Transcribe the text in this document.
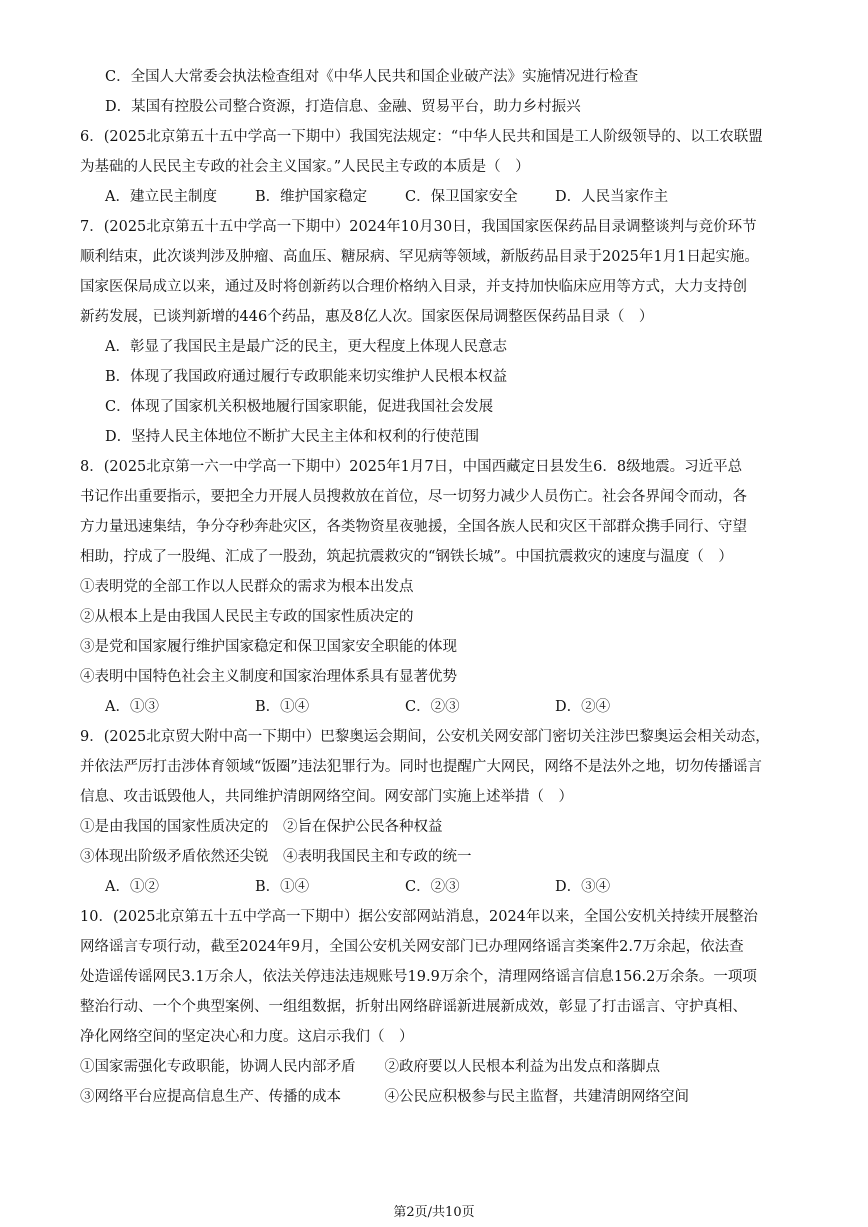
C．全国人大常委会执法检查组对《中华人民共和国企业破产法》实施情况进行检查
D．某国有控股公司整合资源，打造信息、金融、贸易平台，助力乡村振兴
6．(2025北京第五十五中学高一下期中）我国宪法规定：“中华人民共和国是工人阶级领导的、以工农联盟
为基础的人民民主专政的社会主义国家。”人民民主专政的本质是（　）
A．建立民主制度	B．维护国家稳定	C．保卫国家安全	D．人民当家作主
7．(2025北京第五十五中学高一下期中）2024年10月30日，我国国家医保药品目录调整谈判与竞价环节
顺利结束，此次谈判涉及肿瘤、高血压、糖尿病、罕见病等领域，新版药品目录于2025年1月1日起实施。
国家医保局成立以来，通过及时将创新药以合理价格纳入目录，并支持加快临床应用等方式，大力支持创
新药发展，已谈判新增的446个药品，惠及8亿人次。国家医保局调整医保药品目录（　）
A．彰显了我国民主是最广泛的民主，更大程度上体现人民意志
B．体现了我国政府通过履行专政职能来切实维护人民根本权益
C．体现了国家机关积极地履行国家职能，促进我国社会发展
D．坚持人民主体地位不断扩大民主主体和权利的行使范围
8．(2025北京第一六一中学高一下期中）2025年1月7日，中国西藏定日县发生6．8级地震。习近平总
书记作出重要指示，要把全力开展人员搜救放在首位，尽一切努力减少人员伤亡。社会各界闻令而动，各
方力量迅速集结，争分夺秒奔赴灾区，各类物资星夜驰援，全国各族人民和灾区干部群众携手同行、守望
相助，拧成了一股绳、汇成了一股劲，筑起抗震救灾的“钢铁长城”。中国抗震救灾的速度与温度（　）
①表明党的全部工作以人民群众的需求为根本出发点
②从根本上是由我国人民民主专政的国家性质决定的
③是党和国家履行维护国家稳定和保卫国家安全职能的体现
④表明中国特色社会主义制度和国家治理体系具有显著优势
A．①③	B．①④	C．②③	D．②④
9．(2025北京贸大附中高一下期中）巴黎奥运会期间，公安机关网安部门密切关注涉巴黎奥运会相关动态，
并依法严厉打击涉体育领域“饭圈”违法犯罪行为。同时也提醒广大网民，网络不是法外之地，切勿传播谣言
信息、攻击诋毁他人，共同维护清朗网络空间。网安部门实施上述举措（　）
①是由我国的国家性质决定的　②旨在保护公民各种权益
③体现出阶级矛盾依然还尖锐　④表明我国民主和专政的统一
A．①②	B．①④	C．②③	D．③④
10．(2025北京第五十五中学高一下期中）据公安部网站消息，2024年以来，全国公安机关持续开展整治
网络谣言专项行动，截至2024年9月，全国公安机关网安部门已办理网络谣言类案件2.7万余起，依法查
处造谣传谣网民3.1万余人，依法关停违法违规账号19.9万余个，清理网络谣言信息156.2万余条。一项项
整治行动、一个个典型案例、一组组数据，折射出网络辟谣新进展新成效，彰显了打击谣言、守护真相、
净化网络空间的坚定决心和力度。这启示我们（　）
①国家需强化专政职能，协调人民内部矛盾　　②政府要以人民根本利益为出发点和落脚点
③网络平台应提高信息生产、传播的成本　　　④公民应积极参与民主监督，共建清朗网络空间
第2页/共10页
